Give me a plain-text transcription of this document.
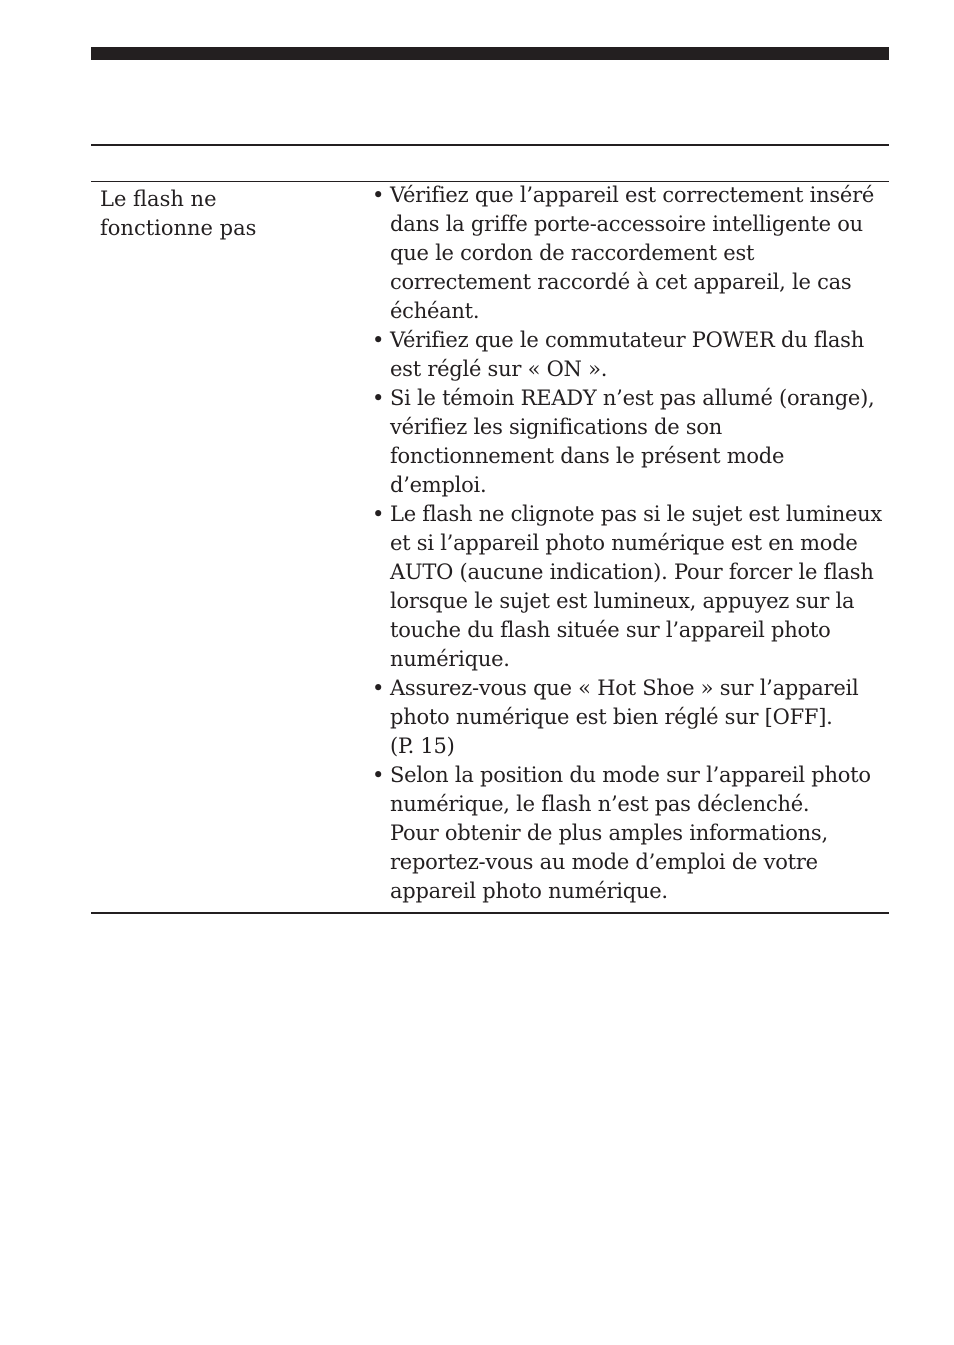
Le flash ne
fonctionne pas
• Vérifiez que l’appareil est correctement inséré
dans la griffe porte-accessoire intelligente ou
que le cordon de raccordement est
correctement raccordé à cet appareil, le cas
échéant.
• Vérifiez que le commutateur POWER du flash
est réglé sur « ON ».
• Si le témoin READY n’est pas allumé (orange),
vérifiez les significations de son
fonctionnement dans le présent mode
d’emploi.
• Le flash ne clignote pas si le sujet est lumineux
et si l’appareil photo numérique est en mode
AUTO (aucune indication). Pour forcer le flash
lorsque le sujet est lumineux, appuyez sur la
touche du flash située sur l’appareil photo
numérique.
• Assurez-vous que « Hot Shoe » sur l’appareil
photo numérique est bien réglé sur [OFF].
(P. 15)
• Selon la position du mode sur l’appareil photo
numérique, le flash n’est pas déclenché.
Pour obtenir de plus amples informations,
reportez-vous au mode d’emploi de votre
appareil photo numérique.
